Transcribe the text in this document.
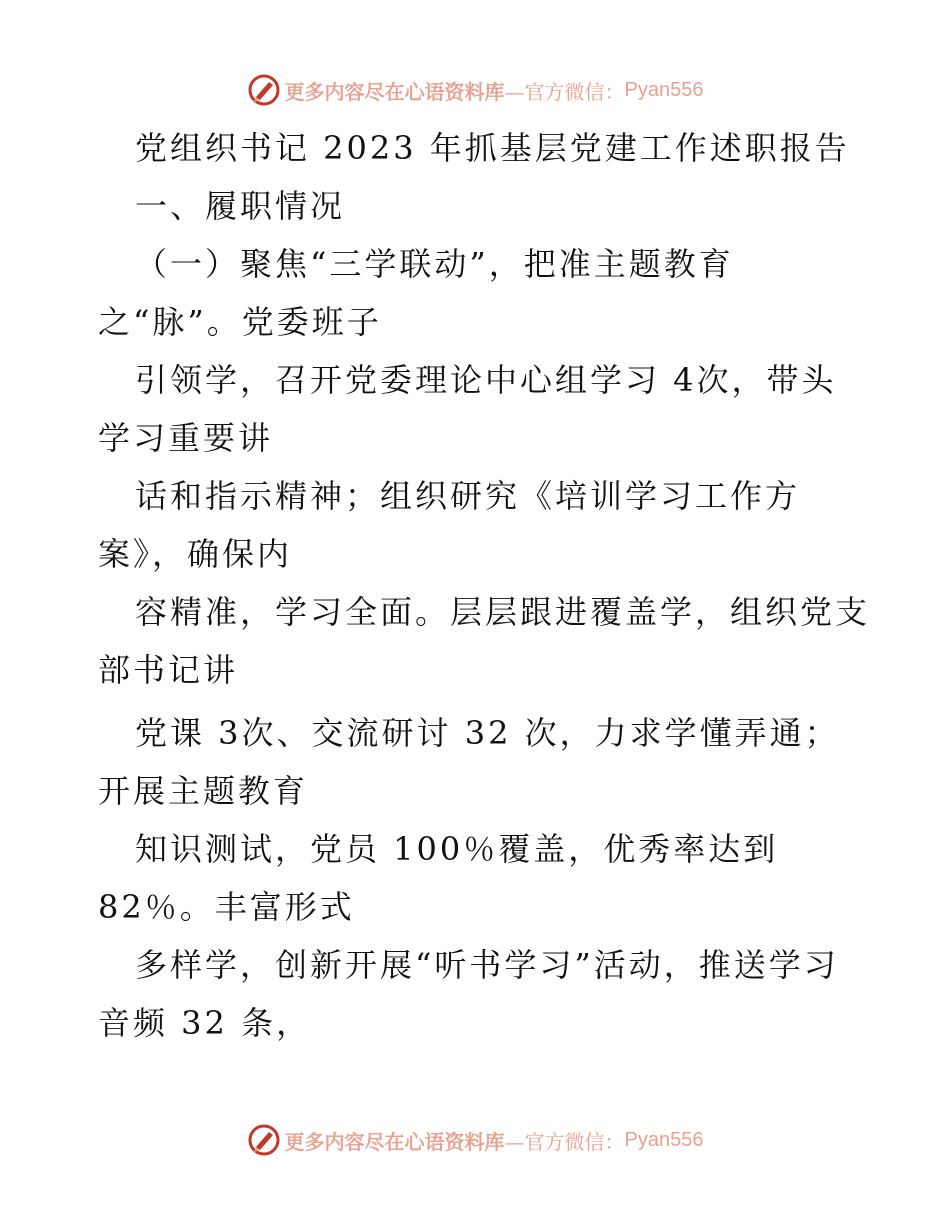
更多内容尽在心语资料库 —官方微信： Pyan556
党组织书记 2023 年抓基层党建工作述职报告
一、履职情况
（一）聚焦“三学联动”，把准主题教育
之“脉”。党委班子
引领学，召开党委理论中心组学习 4次，带头
学习重要讲
话和指示精神；组织研究《培训学习工作方
案》，确保内
容精准，学习全面。层层跟进覆盖学，组织党支
部书记讲
党课 3次、交流研讨 32 次，力求学懂弄通；
开展主题教育
知识测试，党员 100％覆盖，优秀率达到
82％。丰富形式
多样学，创新开展“听书学习”活动，推送学习
音频 32 条，
更多内容尽在心语资料库 —官方微信： Pyan556
